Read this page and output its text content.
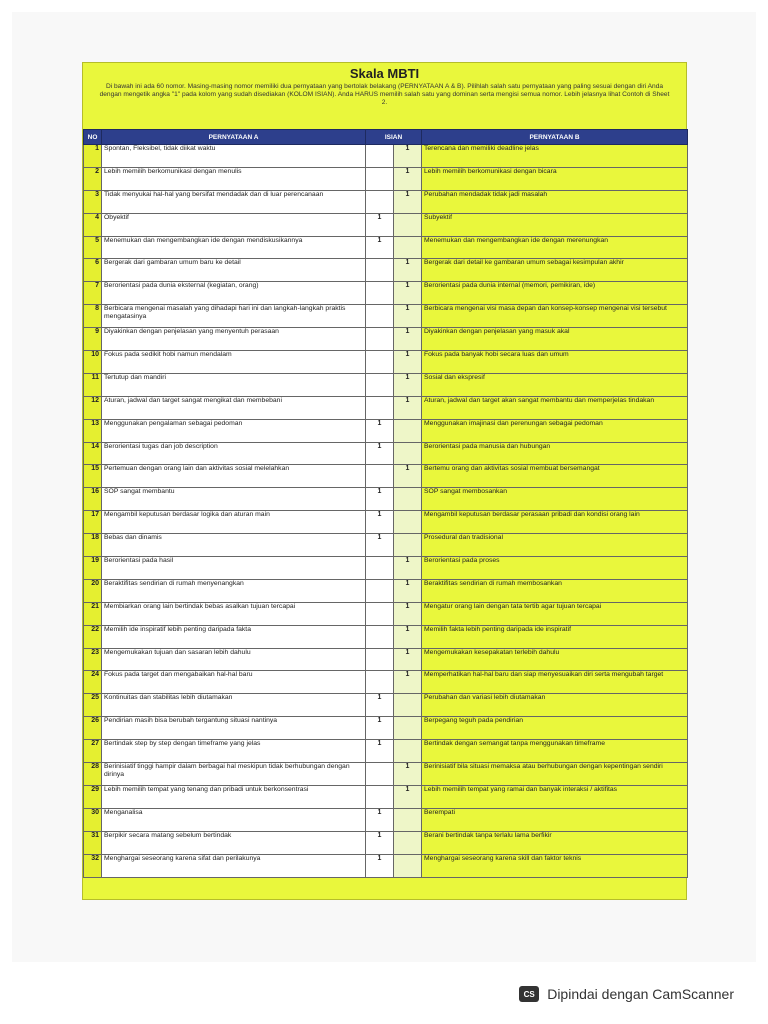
Skala MBTI
Di bawah ini ada 60 nomor. Masing-masing nomor memiliki dua pernyataan yang bertolak belakang (PERNYATAAN A & B). Pilihlah salah satu pernyataan yang paling sesuai dengan diri Anda dengan mengetik angka "1" pada kolom yang sudah disediakan (KOLOM ISIAN). Anda HARUS memilih salah satu yang dominan serta mengisi semua nomor. Lebih jelasnya lihat Contoh di Sheet 2.
NO	PERNYATAAN A	ISIAN		PERNYATAAN B
1	Spontan, Fleksibel, tidak diikat waktu		1	Terencana dan memiliki deadline jelas
2	Lebih memilih berkomunikasi dengan menulis		1	Lebih memilih berkomunikasi dengan bicara
3	Tidak menyukai hal-hal yang bersifat mendadak dan di luar perencanaan		1	Perubahan mendadak tidak jadi masalah
4	Obyektif	1		Subyektif
5	Menemukan dan mengembangkan ide dengan mendiskusikannya	1		Menemukan dan mengembangkan ide dengan merenungkan
6	Bergerak dari gambaran umum baru ke detail		1	Bergerak dari detail ke gambaran umum sebagai kesimpulan akhir
7	Berorientasi pada dunia eksternal (kegiatan, orang)		1	Berorientasi pada dunia internal (memori, pemikiran, ide)
8	Berbicara mengenai masalah yang dihadapi hari ini dan langkah-langkah praktis mengatasinya		1	Berbicara mengenai visi masa depan dan konsep-konsep mengenai visi tersebut
9	Diyakinkan dengan penjelasan yang menyentuh perasaan		1	Diyakinkan dengan penjelasan yang masuk akal
10	Fokus pada sedikit hobi namun mendalam		1	Fokus pada banyak hobi secara luas dan umum
11	Tertutup dan mandiri		1	Sosial dan ekspresif
12	Aturan, jadwal dan target sangat mengikat dan membebani		1	Aturan, jadwal dan target akan sangat membantu dan memperjelas tindakan
13	Menggunakan pengalaman sebagai pedoman	1		Menggunakan imajinasi dan perenungan sebagai pedoman
14	Berorientasi tugas dan job description	1		Berorientasi pada manusia dan hubungan
15	Pertemuan dengan orang lain dan aktivitas sosial melelahkan		1	Bertemu orang dan aktivitas sosial membuat bersemangat
16	SOP sangat membantu	1		SOP sangat membosankan
17	Mengambil keputusan berdasar logika dan aturan main	1		Mengambil keputusan berdasar perasaan pribadi dan kondisi orang lain
18	Bebas dan dinamis	1		Prosedural dan tradisional
19	Berorientasi pada hasil		1	Berorientasi pada proses
20	Beraktifitas sendirian di rumah menyenangkan		1	Beraktifitas sendirian di rumah membosankan
21	Membiarkan orang lain bertindak bebas asalkan tujuan tercapai		1	Mengatur orang lain dengan tata tertib agar tujuan tercapai
22	Memilih ide inspiratif lebih penting daripada fakta		1	Memilih fakta lebih penting daripada ide inspiratif
23	Mengemukakan tujuan dan sasaran lebih dahulu		1	Mengemukakan kesepakatan terlebih dahulu
24	Fokus pada target dan mengabaikan hal-hal baru		1	Memperhatikan hal-hal baru dan siap menyesuaikan diri serta mengubah target
25	Kontinuitas dan stabilitas lebih diutamakan	1		Perubahan dan variasi lebih diutamakan
26	Pendirian masih bisa berubah tergantung situasi nantinya	1		Berpegang teguh pada pendirian
27	Bertindak step by step dengan timeframe yang jelas	1		Bertindak dengan semangat tanpa menggunakan timeframe
28	Berinisiatif tinggi hampir dalam berbagai hal meskipun tidak berhubungan dengan dirinya		1	Berinisiatif bila situasi memaksa atau berhubungan dengan kepentingan sendiri
29	Lebih memilih tempat yang tenang dan pribadi untuk berkonsentrasi		1	Lebih memilih tempat yang ramai dan banyak interaksi / aktifitas
30	Menganalisa	1		Berempati
31	Berpikir secara matang sebelum bertindak	1		Berani bertindak tanpa terlalu lama berfikir
32	Menghargai seseorang karena sifat dan perilakunya	1		Menghargai seseorang karena skill dan faktor teknis
CS Dipindai dengan CamScanner
